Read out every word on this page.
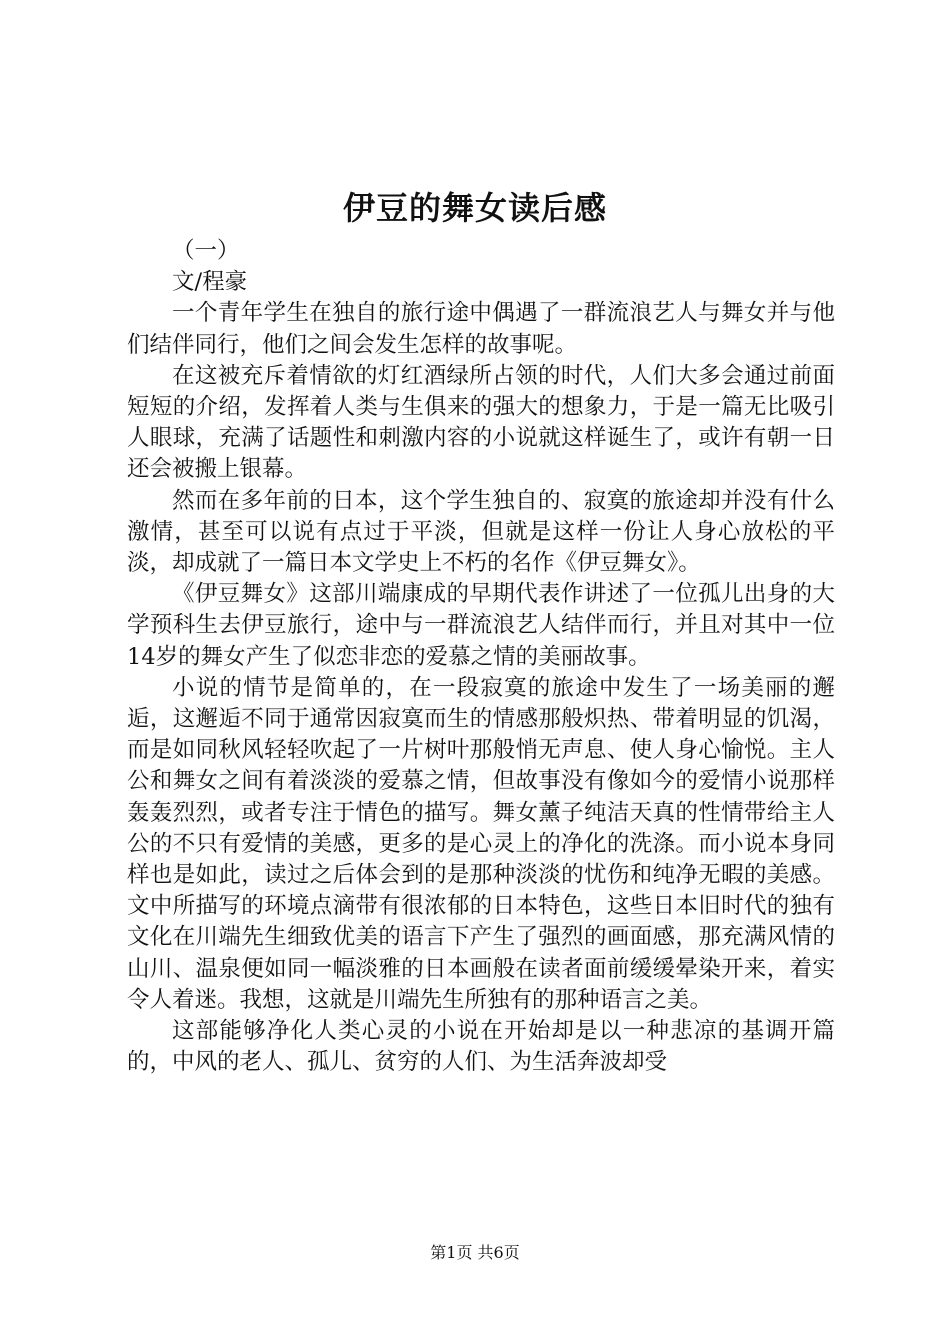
伊豆的舞女读后感

（一）

文/程豪

一个青年学生在独自的旅行途中偶遇了一群流浪艺人与舞女并与他们结伴同行，他们之间会发生怎样的故事呢。

在这被充斥着情欲的灯红酒绿所占领的时代，人们大多会通过前面短短的介绍，发挥着人类与生俱来的强大的想象力，于是一篇无比吸引人眼球，充满了话题性和刺激内容的小说就这样诞生了，或许有朝一日还会被搬上银幕。

然而在多年前的日本，这个学生独自的、寂寞的旅途却并没有什么激情，甚至可以说有点过于平淡，但就是这样一份让人身心放松的平淡，却成就了一篇日本文学史上不朽的名作《伊豆舞女》。

《伊豆舞女》这部川端康成的早期代表作讲述了一位孤儿出身的大学预科生去伊豆旅行，途中与一群流浪艺人结伴而行，并且对其中一位14岁的舞女产生了似恋非恋的爱慕之情的美丽故事。

小说的情节是简单的，在一段寂寞的旅途中发生了一场美丽的邂逅，这邂逅不同于通常因寂寞而生的情感那般炽热、带着明显的饥渴，而是如同秋风轻轻吹起了一片树叶那般悄无声息、使人身心愉悦。主人公和舞女之间有着淡淡的爱慕之情，但故事没有像如今的爱情小说那样轰轰烈烈，或者专注于情色的描写。舞女薰子纯洁天真的性情带给主人公的不只有爱情的美感，更多的是心灵上的净化的洗涤。而小说本身同样也是如此，读过之后体会到的是那种淡淡的忧伤和纯净无暇的美感。文中所描写的环境点滴带有很浓郁的日本特色，这些日本旧时代的独有文化在川端先生细致优美的语言下产生了强烈的画面感，那充满风情的山川、温泉便如同一幅淡雅的日本画般在读者面前缓缓晕染开来，着实令人着迷。我想，这就是川端先生所独有的那种语言之美。

这部能够净化人类心灵的小说在开始却是以一种悲凉的基调开篇的，中风的老人、孤儿、贫穷的人们、为生活奔波却受

第1页 共6页
